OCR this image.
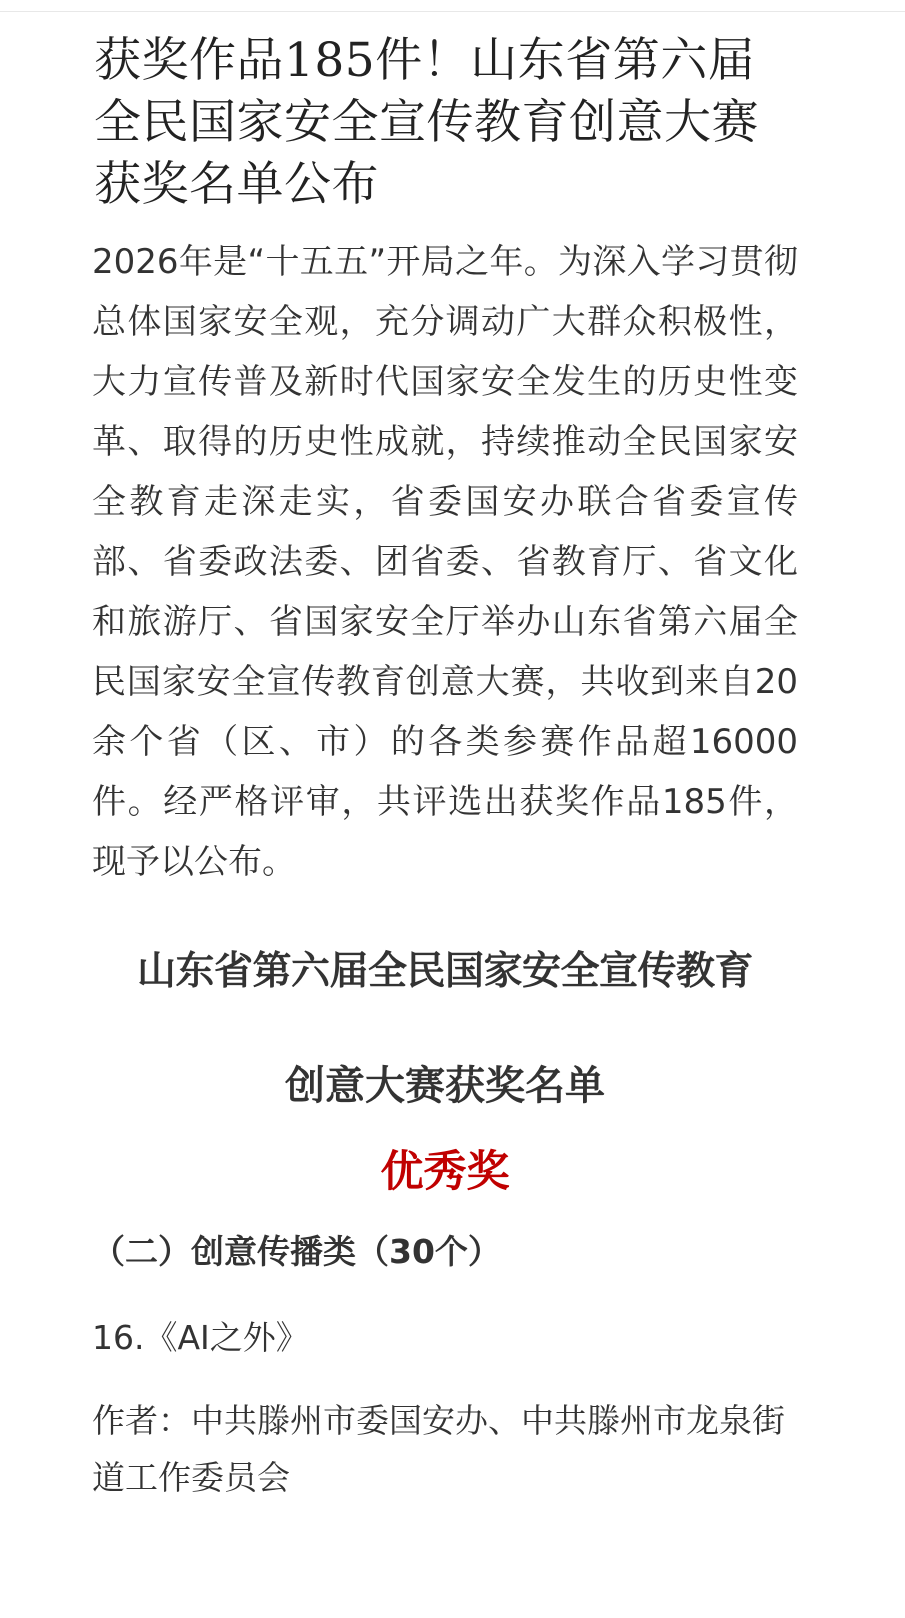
获奖作品185件！山东省第六届全民国家安全宣传教育创意大赛获奖名单公布

2026年是“十五五”开局之年。为深入学习贯彻总体国家安全观，充分调动广大群众积极性，大力宣传普及新时代国家安全发生的历史性变革、取得的历史性成就，持续推动全民国家安全教育走深走实，省委国安办联合省委宣传部、省委政法委、团省委、省教育厅、省文化和旅游厅、省国家安全厅举办山东省第六届全民国家安全宣传教育创意大赛，共收到来自20余个省（区、市）的各类参赛作品超16000件。经严格评审，共评选出获奖作品185件，现予以公布。

山东省第六届全民国家安全宣传教育
创意大赛获奖名单
优秀奖
（二）创意传播类（30个）
16.《AI之外》
作者：中共滕州市委国安办、中共滕州市龙泉街道工作委员会
